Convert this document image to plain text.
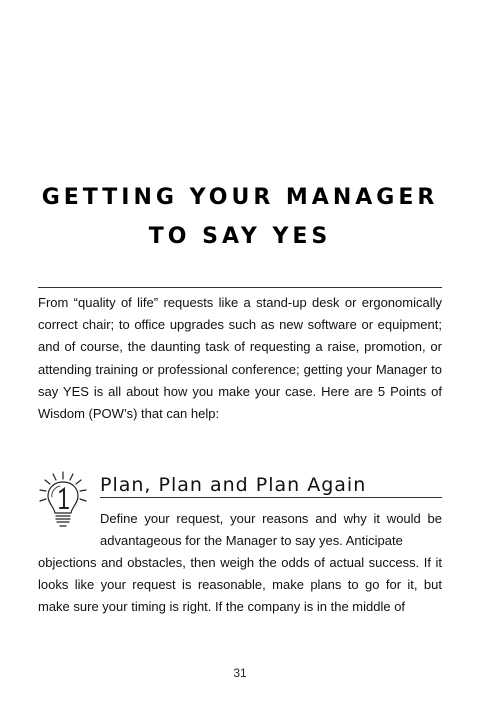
GETTING YOUR MANAGER
TO SAY YES

From “quality of life” requests like a stand-up desk or ergonomically correct chair; to office upgrades such as new software or equipment; and of course, the daunting task of requesting a raise, promotion, or attending training or professional conference; getting your Manager to say YES is all about how you make your case. Here are 5 Points of Wisdom (POW’s) that can help:

Plan, Plan and Plan Again

Define your request, your reasons and why it would be advantageous for the Manager to say yes. Anticipate

objections and obstacles, then weigh the odds of actual success. If it looks like your request is reasonable, make plans to go for it, but make sure your timing is right. If the company is in the middle of

31
